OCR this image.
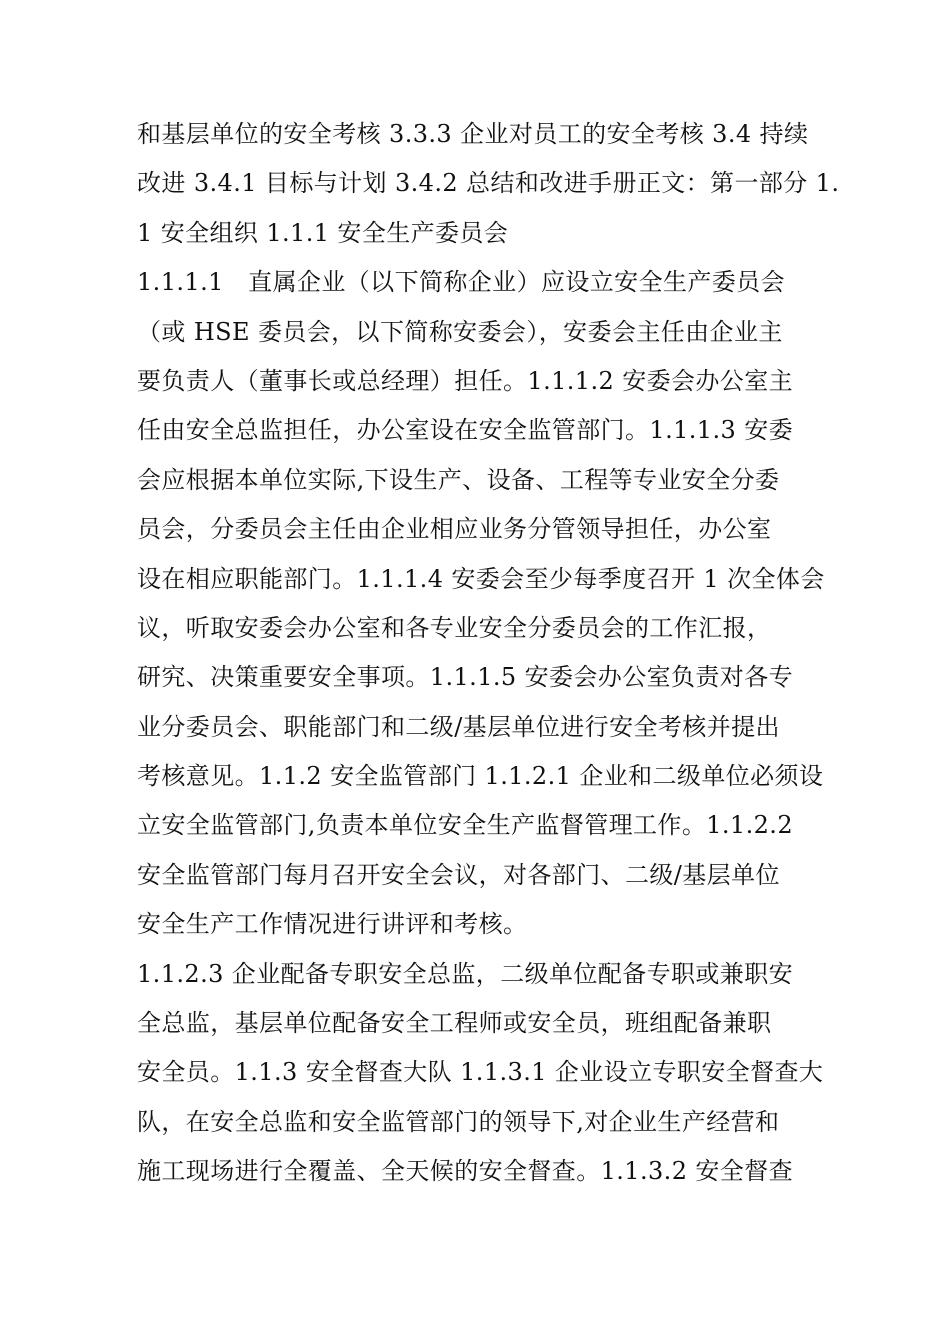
和基层单位的安全考核 3.3.3 企业对员工的安全考核 3.4 持续
改进 3.4.1 目标与计划 3.4.2 总结和改进手册正文：第一部分 1.
1 安全组织 1.1.1 安全生产委员会

1.1.1.1　直属企业（以下简称企业）应设立安全生产委员会
（或 HSE 委员会，以下简称安委会），安委会主任由企业主
要负责人（董事长或总经理）担任。1.1.1.2 安委会办公室主
任由安全总监担任，办公室设在安全监管部门。1.1.1.3 安委
会应根据本单位实际,下设生产、设备、工程等专业安全分委
员会，分委员会主任由企业相应业务分管领导担任，办公室
设在相应职能部门。1.1.1.4 安委会至少每季度召开 1 次全体会
议，听取安委会办公室和各专业安全分委员会的工作汇报，
研究、决策重要安全事项。1.1.1.5 安委会办公室负责对各专
业分委员会、职能部门和二级/基层单位进行安全考核并提出
考核意见。1.1.2 安全监管部门 1.1.2.1 企业和二级单位必须设
立安全监管部门,负责本单位安全生产监督管理工作。1.1.2.2
安全监管部门每月召开安全会议，对各部门、二级/基层单位
安全生产工作情况进行讲评和考核。

1.1.2.3 企业配备专职安全总监，二级单位配备专职或兼职安
全总监，基层单位配备安全工程师或安全员，班组配备兼职
安全员。1.1.3 安全督查大队 1.1.3.1 企业设立专职安全督查大
队，在安全总监和安全监管部门的领导下,对企业生产经营和
施工现场进行全覆盖、全天候的安全督查。1.1.3.2 安全督查
